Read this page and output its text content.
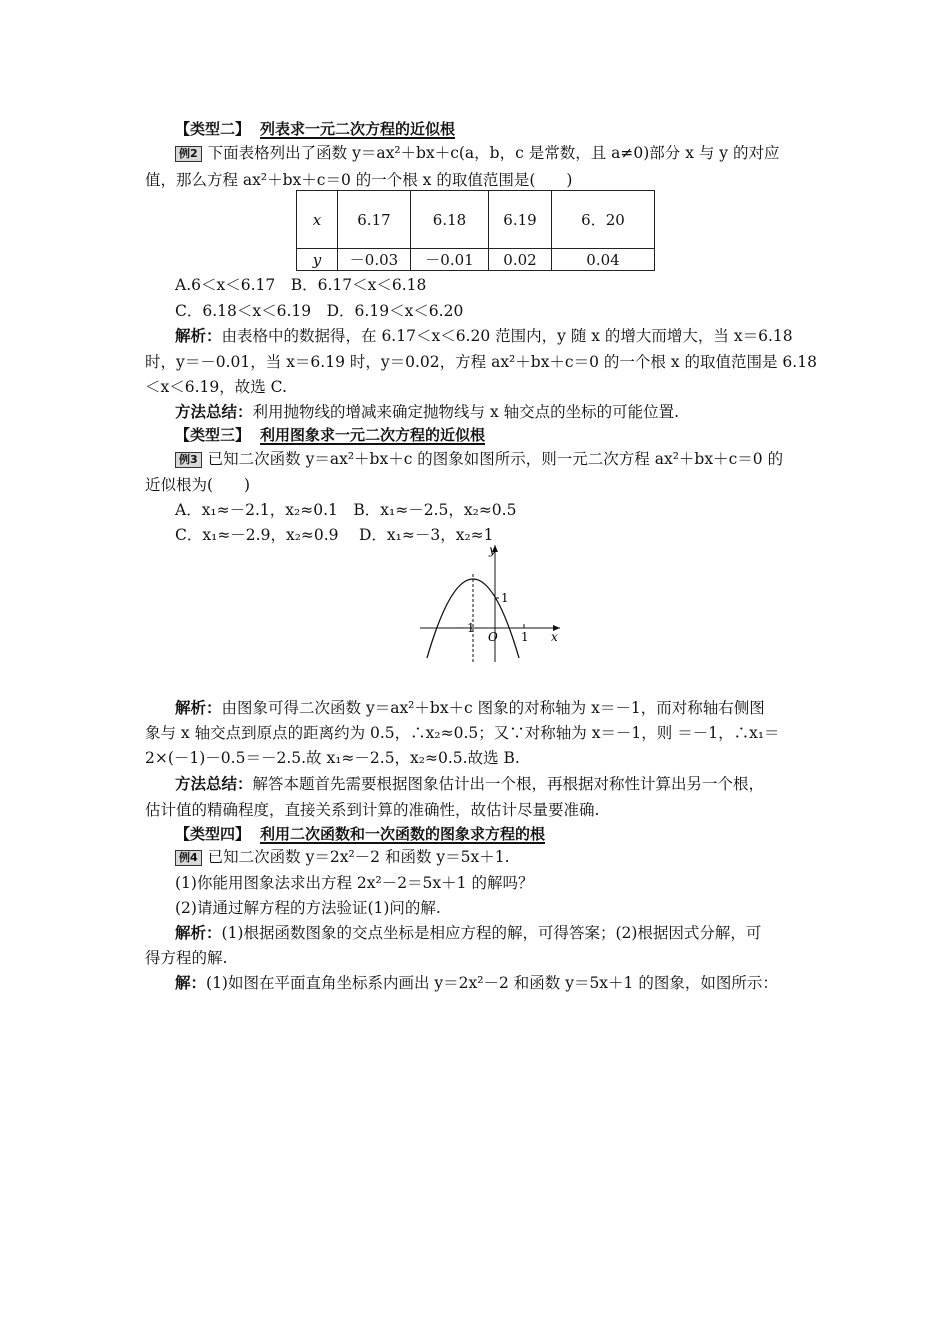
【类型二】 列表求一元二次方程的近似根
例2 下面表格列出了函数 y＝ax²＋bx＋c(a，b，c 是常数，且 a≠0)部分 x 与 y 的对应
值，那么方程 ax²＋bx＋c＝0 的一个根 x 的取值范围是(　　)
x	6.17	6.18	6.19	6．20
y	－0.03	－0.01	0.02	0.04
A.6＜x＜6.17　B．6.17＜x＜6.18
C．6.18＜x＜6.19　D．6.19＜x＜6.20
解析：由表格中的数据得，在 6.17＜x＜6.20 范围内，y 随 x 的增大而增大，当 x＝6.18
时，y＝－0.01，当 x＝6.19 时，y＝0.02，方程 ax²＋bx＋c＝0 的一个根 x 的取值范围是 6.18
＜x＜6.19，故选 C.
方法总结：利用抛物线的增减来确定抛物线与 x 轴交点的坐标的可能位置.
【类型三】 利用图象求一元二次方程的近似根
例3 已知二次函数 y＝ax²＋bx＋c 的图象如图所示，则一元二次方程 ax²＋bx＋c＝0 的
近似根为(　　)
A．x₁≈－2.1，x₂≈0.1　B．x₁≈－2.5，x₂≈0.5
C．x₁≈－2.9，x₂≈0.9　 D．x₁≈－3，x₂≈1
y
x
O
－1
1
1
解析：由图象可得二次函数 y＝ax²＋bx＋c 图象的对称轴为 x＝－1，而对称轴右侧图
象与 x 轴交点到原点的距离约为 0.5，∴x₂≈0.5；又∵对称轴为 x＝－1，则 ＝－1，∴x₁＝
2×(－1)－0.5＝－2.5.故 x₁≈－2.5，x₂≈0.5.故选 B.
方法总结：解答本题首先需要根据图象估计出一个根，再根据对称性计算出另一个根，
估计值的精确程度，直接关系到计算的准确性，故估计尽量要准确.
【类型四】 利用二次函数和一次函数的图象求方程的根
例4 已知二次函数 y＝2x²－2 和函数 y＝5x＋1.
(1)你能用图象法求出方程 2x²－2＝5x＋1 的解吗？
(2)请通过解方程的方法验证(1)问的解.
解析：(1)根据函数图象的交点坐标是相应方程的解，可得答案；(2)根据因式分解，可
得方程的解.
解：(1)如图在平面直角坐标系内画出 y＝2x²－2 和函数 y＝5x＋1 的图象，如图所示：
